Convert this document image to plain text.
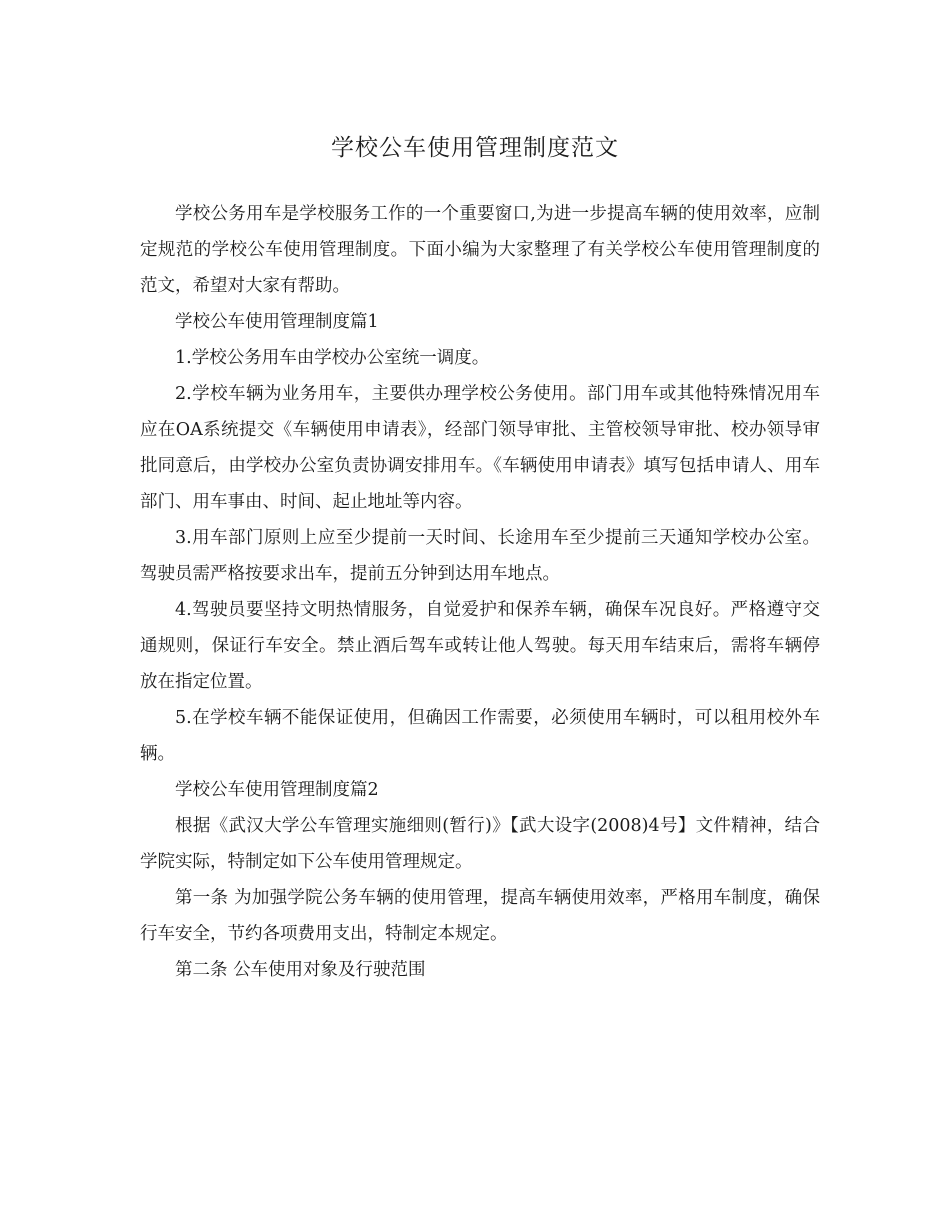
学校公车使用管理制度范文

学校公务用车是学校服务工作的一个重要窗口,为进一步提高车辆的使用效率，应制定规范的学校公车使用管理制度。下面小编为大家整理了有关学校公车使用管理制度的范文，希望对大家有帮助。

学校公车使用管理制度篇1

1.学校公务用车由学校办公室统一调度。

2.学校车辆为业务用车，主要供办理学校公务使用。部门用车或其他特殊情况用车应在OA系统提交《车辆使用申请表》，经部门领导审批、主管校领导审批、校办领导审批同意后，由学校办公室负责协调安排用车。《车辆使用申请表》填写包括申请人、用车部门、用车事由、时间、起止地址等内容。

3.用车部门原则上应至少提前一天时间、长途用车至少提前三天通知学校办公室。驾驶员需严格按要求出车，提前五分钟到达用车地点。

4.驾驶员要坚持文明热情服务，自觉爱护和保养车辆，确保车况良好。严格遵守交通规则，保证行车安全。禁止酒后驾车或转让他人驾驶。每天用车结束后，需将车辆停放在指定位置。

5.在学校车辆不能保证使用，但确因工作需要，必须使用车辆时，可以租用校外车辆。

学校公车使用管理制度篇2

根据《武汉大学公车管理实施细则(暂行)》【武大设字(2008)4号】文件精神，结合学院实际，特制定如下公车使用管理规定。

第一条 为加强学院公务车辆的使用管理，提高车辆使用效率，严格用车制度，确保行车安全，节约各项费用支出，特制定本规定。

第二条 公车使用对象及行驶范围
